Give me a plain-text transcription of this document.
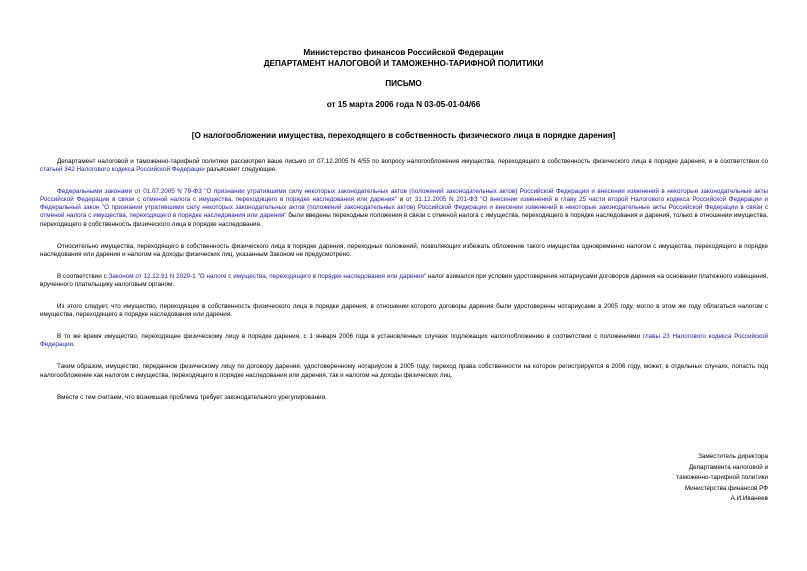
Министерство финансов Российской Федерации
ДЕПАРТАМЕНТ НАЛОГОВОЙ И ТАМОЖЕННО-ТАРИФНОЙ ПОЛИТИКИ
ПИСЬМО
от 15 марта 2006 года N 03-05-01-04/66
[О налогообложении имущества, переходящего в собственность физического лица в порядке дарения]

Департамент налоговой и таможенно-тарифной политики рассмотрел ваше письмо от 07.12.2005 N 4/55 по вопросу налогообложения имущества, переходящего в собственность физического лица в порядке дарения, и в соответствии со статьей 342 Налогового кодекса Российской Федерации разъясняет следующее.

Федеральными законами от 01.07.2005 N 78-ФЗ "О признании утратившими силу некоторых законодательных актов (положений законодательных актов) Российской Федерации и внесении изменений в некоторые законодательные акты Российской Федерации в связи с отменой налога с имущества, переходящего в порядке наследования или дарения" и от 31.12.2005 N 201-ФЗ "О внесении изменений в главу 25 части второй Налогового кодекса Российской Федерации и Федеральный закон "О признании утратившими силу некоторых законодательных актов (положений законодательных актов) Российской Федерации и внесении изменений в некоторые законодательные акты Российской Федерации в связи с отменой налога с имущества, переходящего в порядке наследования или дарения" были введены переходные положения в связи с отменой налога с имущества, переходящего в порядке наследования и дарения, только в отношении имущества, переходящего в собственность физического лица в порядке наследования.

Относительно имущества, переходящего в собственность физического лица в порядке дарения, переходных положений, позволяющих избежать обложение такого имущества одновременно налогом с имущества, переходящего в порядке наследования или дарения и налогом на доходы физических лиц, указанным Законом не предусмотрено.

В соответствии с Законом от 12.12.91 N 2020-1 "О налоге с имущества, переходящего в порядке наследования или дарения" налог взимался при условии удостоверения нотариусами договоров дарения на основании платежного извещения, врученного плательщику налоговым органом.

Из этого следует, что имущество, переходящее в собственность физического лица в порядке дарения, в отношении которого договоры дарения были удостоверены нотариусами в 2005 году, могло в этом же году облагаться налогом с имущества, переходящего в порядке наследования или дарения.

В то же время имущество, переходящее физическому лицу в порядке дарения, с 1 января 2006 года в установленных случаях подлежащих налогообложению в соответствии с положениями главы 23 Налогового кодекса Российской Федерации.

Таким образом, имущество, переданное физическому лицу по договору дарения, удостоверенному нотариусом в 2005 году, переход права собственности на которое регистрируется в 2006 году, может, в отдельных случаях, попасть под налогообложение как налогом с имущества, переходящего в порядке наследования или дарения, так и налогом на доходы физических лиц.

Вместе с тем считаем, что возникшая проблема требует законодательного урегулирования.

Заместитель директора
Департамента налоговой и
таможенно-тарифной политики
Министерства финансов РФ
А.И.Иванеев
